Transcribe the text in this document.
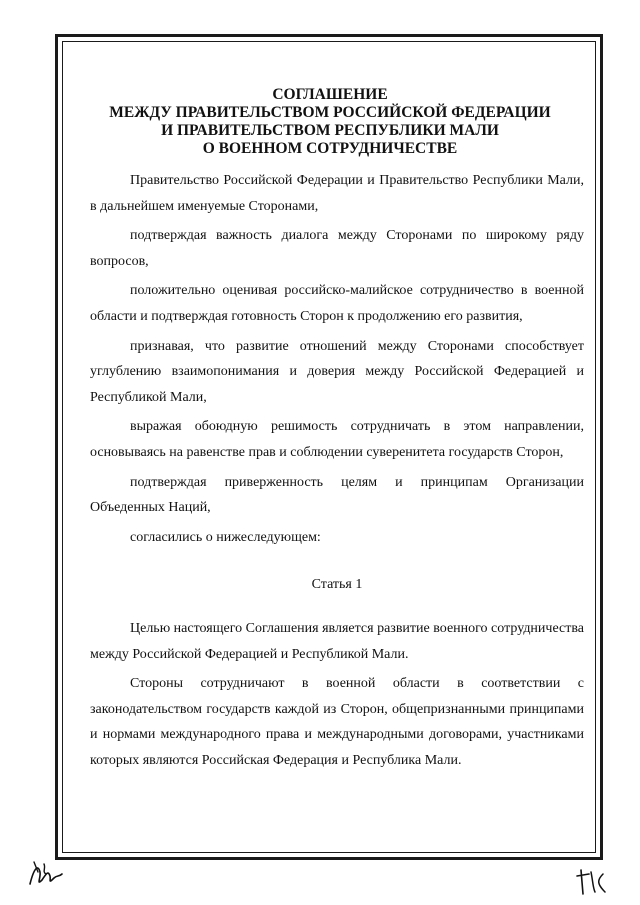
СОГЛАШЕНИЕ
МЕЖДУ ПРАВИТЕЛЬСТВОМ РОССИЙСКОЙ ФЕДЕРАЦИИ
И ПРАВИТЕЛЬСТВОМ РЕСПУБЛИКИ МАЛИ
О ВОЕННОМ СОТРУДНИЧЕСТВЕ

Правительство Российской Федерации и Правительство Республики Мали, в дальнейшем именуемые Сторонами,

подтверждая важность диалога между Сторонами по широкому ряду вопросов,

положительно оценивая российско-малийское сотрудничество в военной области и подтверждая готовность Сторон к продолжению его развития,

признавая, что развитие отношений между Сторонами способствует углублению взаимопонимания и доверия между Российской Федерацией и Республикой Мали,

выражая обоюдную решимость сотрудничать в этом направлении, основываясь на равенстве прав и соблюдении суверенитета государств Сторон,

подтверждая приверженность целям и принципам Организации Объеденных Наций,

согласились о нижеследующем:

Статья 1

Целью настоящего Соглашения является развитие военного сотрудничества между Российской Федерацией и Республикой Мали.

Стороны сотрудничают в военной области в соответствии с законодательством государств каждой из Сторон, общепризнанными принципами и нормами международного права и международными договорами, участниками которых являются Российская Федерация и Республика Мали.
